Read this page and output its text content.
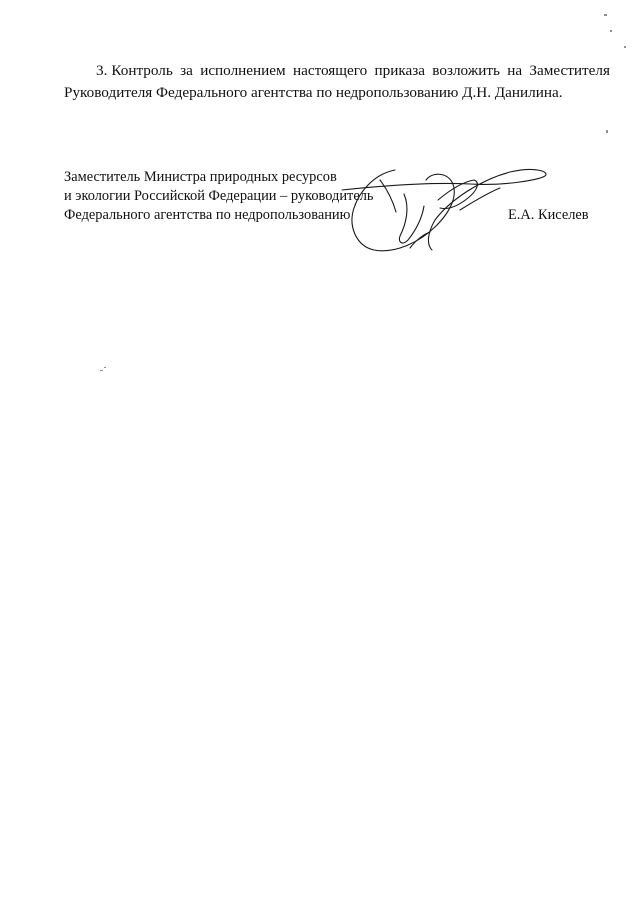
3. Контроль за исполнением настоящего приказа возложить на Заместителя
Руководителя Федерального агентства по недропользованию Д.Н. Данилина.
Заместитель Министра природных ресурсов
и экологии Российской Федерации – руководитель
Федерального агентства по недропользованию	Е.А. Киселев
